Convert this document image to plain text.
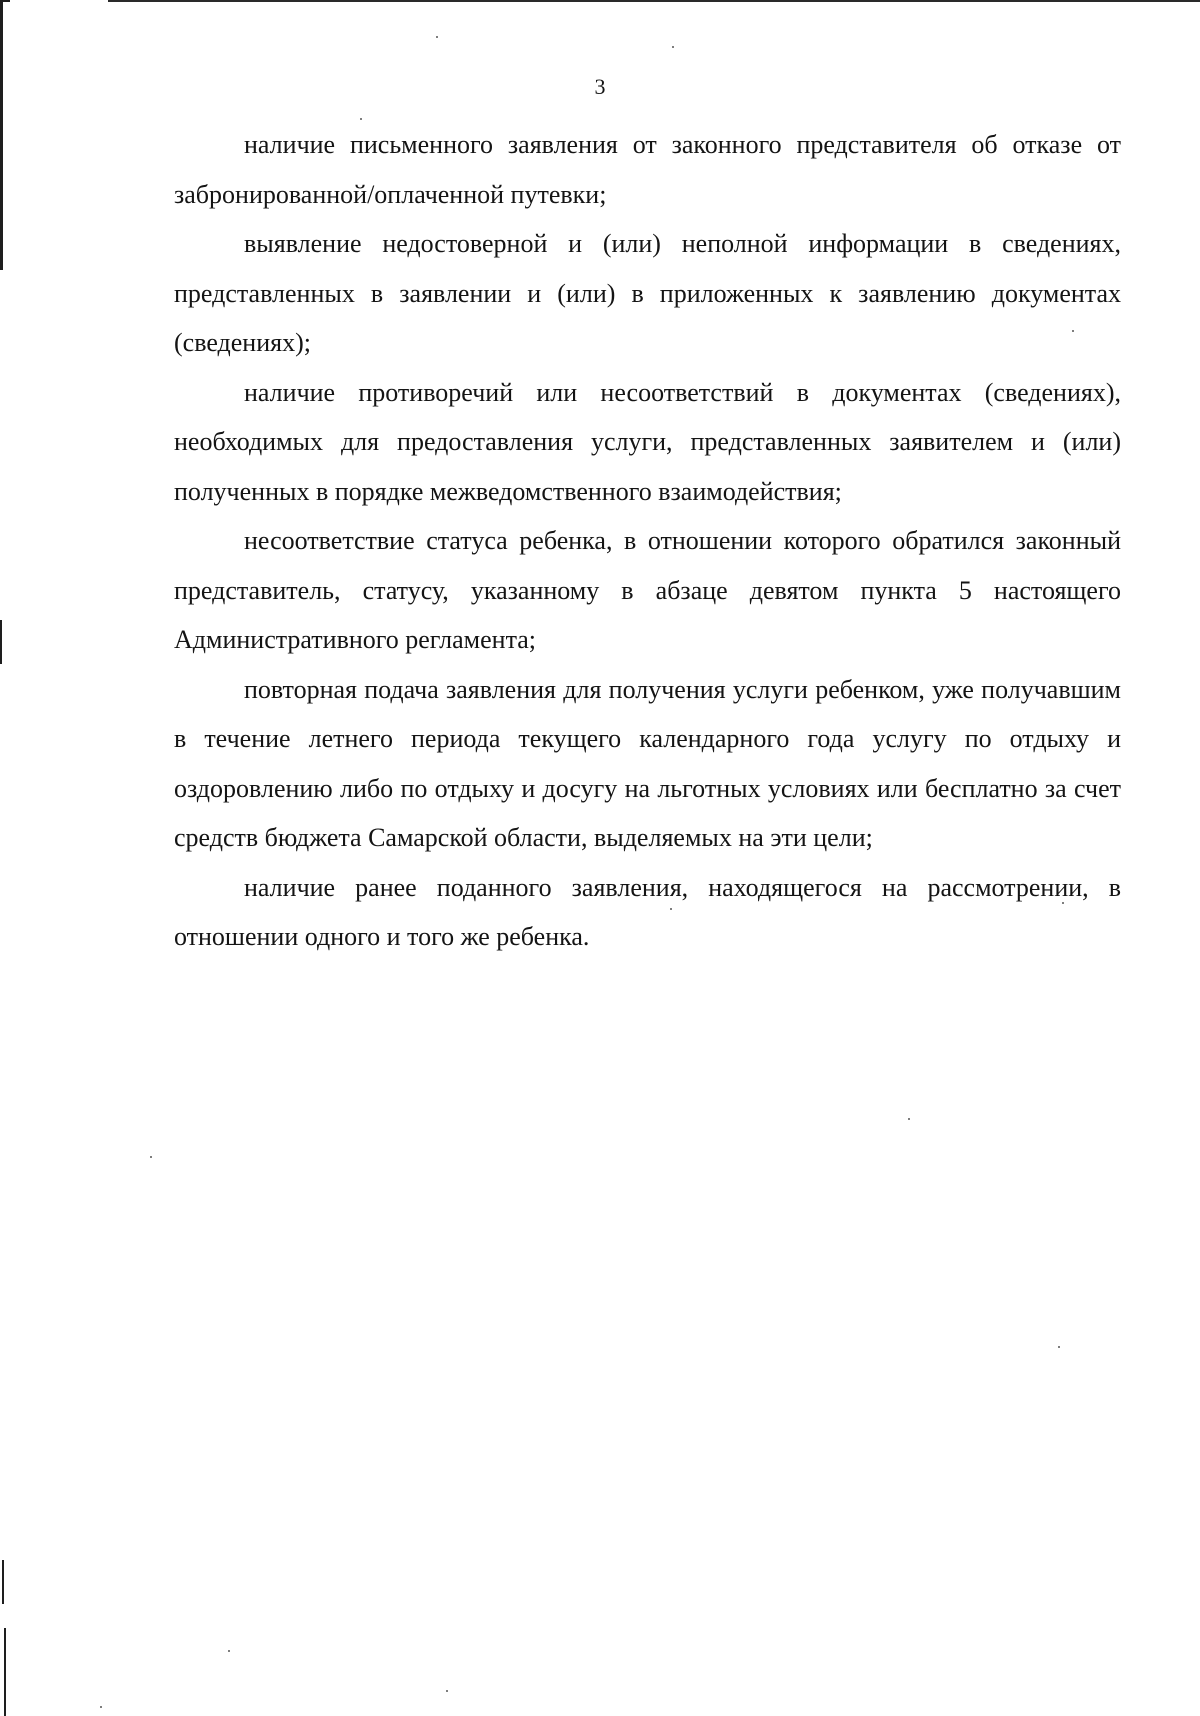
3

наличие письменного заявления от законного представителя об отказе от забронированной/оплаченной путевки;

выявление недостоверной и (или) неполной информации в сведениях, представленных в заявлении и (или) в приложенных к заявлению документах (сведениях);

наличие противоречий или несоответствий в документах (сведениях), необходимых для предоставления услуги, представленных заявителем и (или) полученных в порядке межведомственного взаимодействия;

несоответствие статуса ребенка, в отношении которого обратился законный представитель, статусу, указанному в абзаце девятом пункта 5 настоящего Административного регламента;

повторная подача заявления для получения услуги ребенком, уже получавшим в течение летнего периода текущего календарного года услугу по отдыху и оздоровлению либо по отдыху и досугу на льготных условиях или бесплатно за счет средств бюджета Самарской области, выделяемых на эти цели;

наличие ранее поданного заявления, находящегося на рассмотрении, в отношении одного и того же ребенка.
